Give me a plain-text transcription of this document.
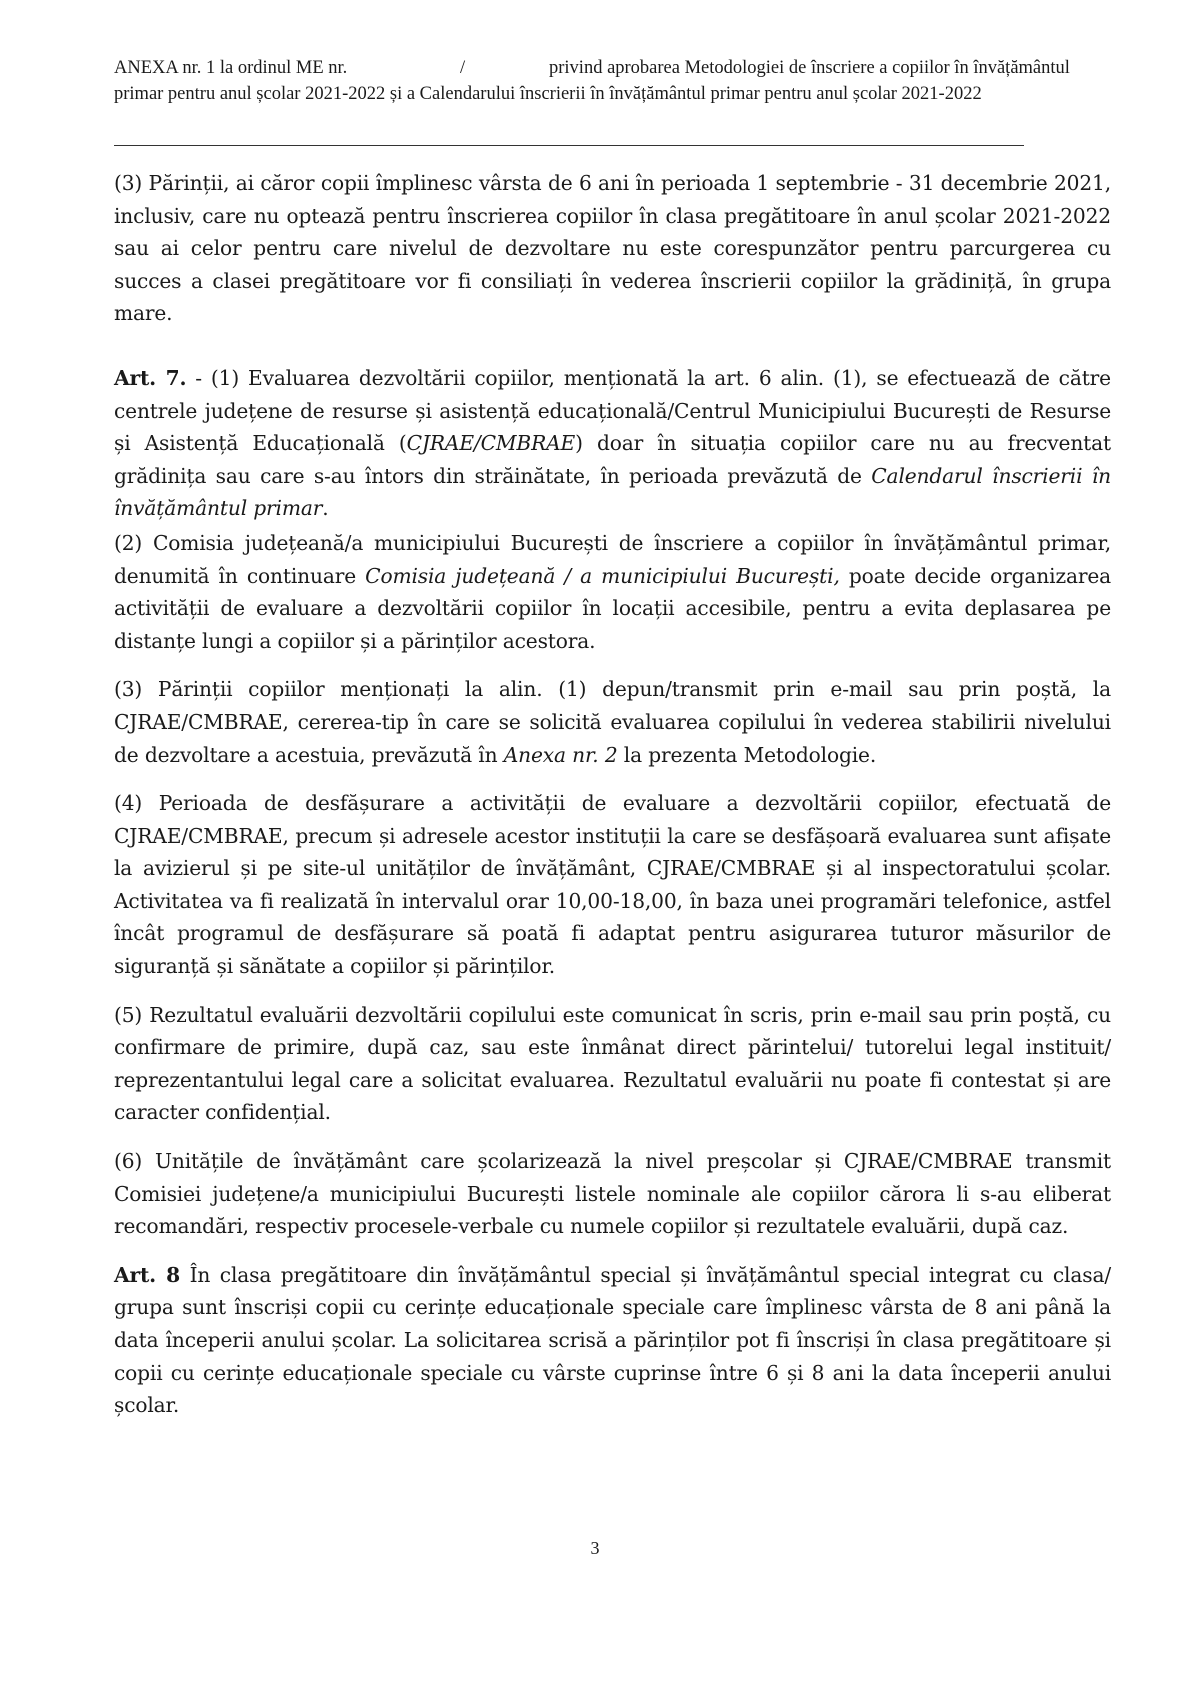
ANEXA nr. 1 la ordinul ME nr.	/	privind aprobarea Metodologiei de înscriere a copiilor în învățământul
primar pentru anul școlar 2021-2022 și a Calendarului înscrierii în învățământul primar pentru anul școlar 2021-2022

(3) Părinții, ai căror copii împlinesc vârsta de 6 ani în perioada 1 septembrie - 31 decembrie 2021, inclusiv, care nu optează pentru înscrierea copiilor în clasa pregătitoare în anul școlar 2021-2022 sau ai celor pentru care nivelul de dezvoltare nu este corespunzător pentru parcurgerea cu succes a clasei pregătitoare vor fi consiliați în vederea înscrierii copiilor la grădiniță, în grupa mare.

Art. 7. - (1) Evaluarea dezvoltării copiilor, menționată la art. 6 alin. (1), se efectuează de către centrele județene de resurse și asistență educațională/Centrul Municipiului București de Resurse și Asistență Educațională (CJRAE/CMBRAE) doar în situația copiilor care nu au frecventat grădinița sau care s-au întors din străinătate, în perioada prevăzută de Calendarul înscrierii în învățământul primar.

(2) Comisia județeană/a municipiului București de înscriere a copiilor în învățământul primar, denumită în continuare Comisia județeană / a municipiului București, poate decide organizarea activității de evaluare a dezvoltării copiilor în locații accesibile, pentru a evita deplasarea pe distanțe lungi a copiilor și a părinților acestora.

(3) Părinții copiilor menționați la alin. (1) depun/transmit prin e-mail sau prin poștă, la CJRAE/CMBRAE, cererea-tip în care se solicită evaluarea copilului în vederea stabilirii nivelului de dezvoltare a acestuia, prevăzută în Anexa nr. 2 la prezenta Metodologie.

(4) Perioada de desfășurare a activității de evaluare a dezvoltării copiilor, efectuată de CJRAE/CMBRAE, precum și adresele acestor instituții la care se desfășoară evaluarea sunt afișate la avizierul și pe site-ul unităților de învățământ, CJRAE/CMBRAE și al inspectoratului școlar. Activitatea va fi realizată în intervalul orar 10,00-18,00, în baza unei programări telefonice, astfel încât programul de desfășurare să poată fi adaptat pentru asigurarea tuturor măsurilor de siguranță și sănătate a copiilor și părinților.

(5) Rezultatul evaluării dezvoltării copilului este comunicat în scris, prin e-mail sau prin poștă, cu confirmare de primire, după caz, sau este înmânat direct părintelui/ tutorelui legal instituit/ reprezentantului legal care a solicitat evaluarea. Rezultatul evaluării nu poate fi contestat și are caracter confidențial.

(6) Unitățile de învățământ care școlarizează la nivel preșcolar și CJRAE/CMBRAE transmit Comisiei județene/a municipiului București listele nominale ale copiilor cărora li s-au eliberat recomandări, respectiv procesele-verbale cu numele copiilor și rezultatele evaluării, după caz.

Art. 8 În clasa pregătitoare din învățământul special și învățământul special integrat cu clasa/ grupa sunt înscriși copii cu cerințe educaționale speciale care împlinesc vârsta de 8 ani până la data începerii anului școlar. La solicitarea scrisă a părinților pot fi înscriși în clasa pregătitoare și copii cu cerințe educaționale speciale cu vârste cuprinse între 6 și 8 ani la data începerii anului școlar.

3
